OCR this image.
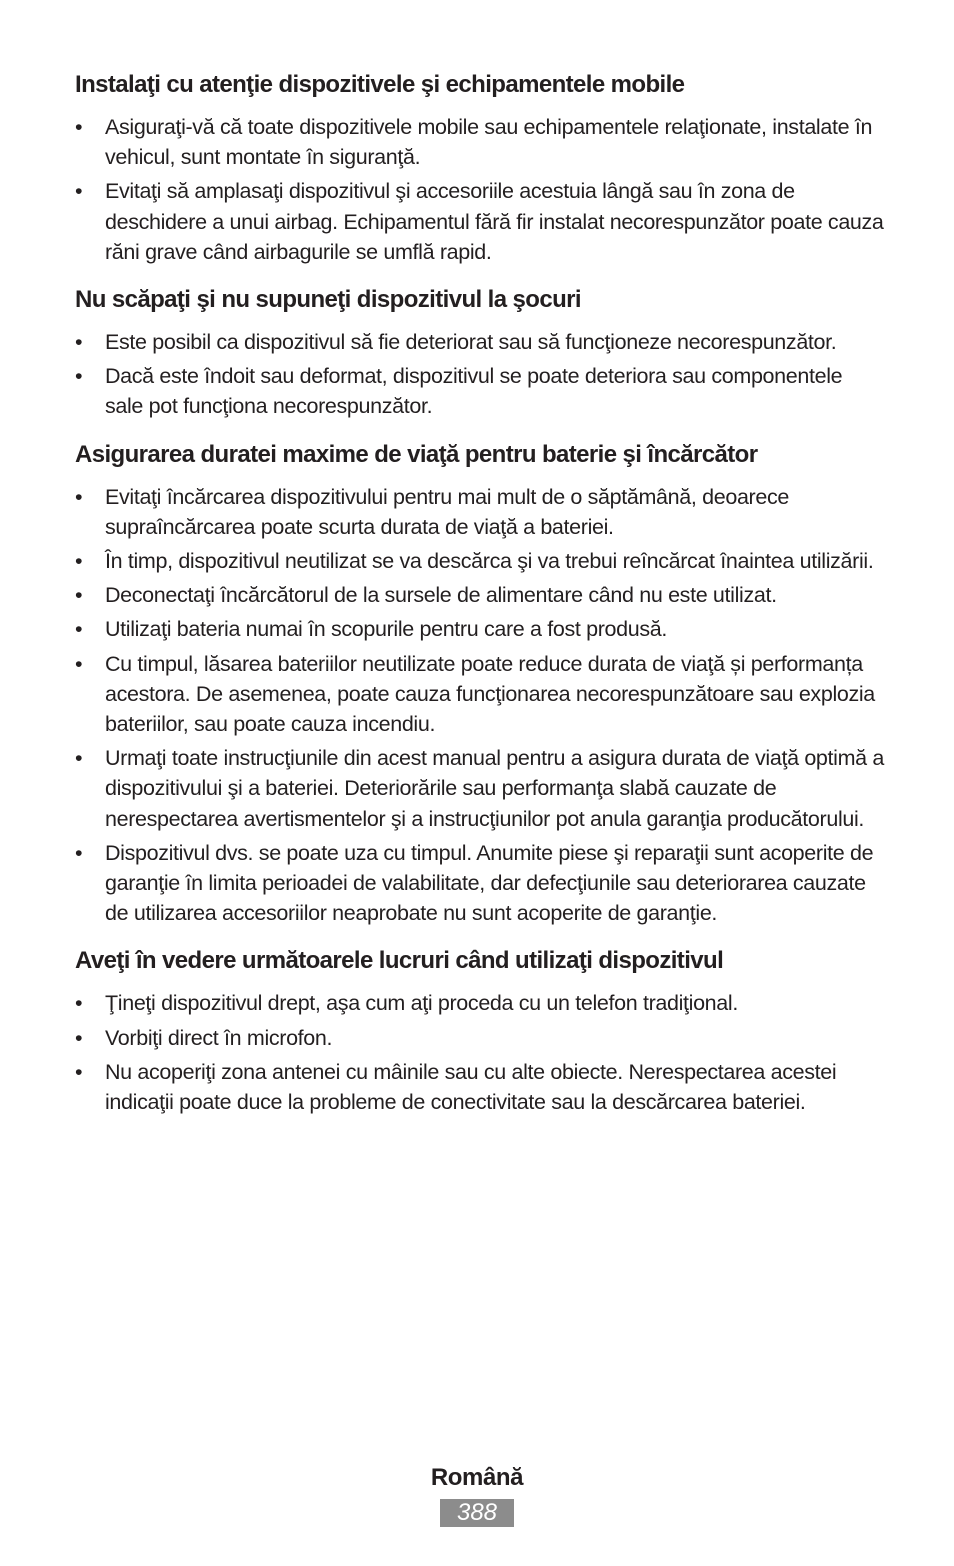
Instalaţi cu atenţie dispozitivele şi echipamentele mobile
•	Asiguraţi-vă că toate dispozitivele mobile sau echipamentele relaţionate, instalate în vehicul, sunt montate în siguranţă.
•	Evitaţi să amplasaţi dispozitivul şi accesoriile acestuia lângă sau în zona de deschidere a unui airbag. Echipamentul fără fir instalat necorespunzător poate cauza răni grave când airbagurile se umflă rapid.
Nu scăpaţi şi nu supuneţi dispozitivul la şocuri
•	Este posibil ca dispozitivul să fie deteriorat sau să funcţioneze necorespunzător.
•	Dacă este îndoit sau deformat, dispozitivul se poate deteriora sau componentele sale pot funcţiona necorespunzător.
Asigurarea duratei maxime de viaţă pentru baterie şi încărcător
•	Evitaţi încărcarea dispozitivului pentru mai mult de o săptămână, deoarece supraîncărcarea poate scurta durata de viaţă a bateriei.
•	În timp, dispozitivul neutilizat se va descărca şi va trebui reîncărcat înaintea utilizării.
•	Deconectaţi încărcătorul de la sursele de alimentare când nu este utilizat.
•	Utilizaţi bateria numai în scopurile pentru care a fost produsă.
•	Cu timpul, lăsarea bateriilor neutilizate poate reduce durata de viaţă și performanța acestora. De asemenea, poate cauza funcţionarea necorespunzătoare sau explozia bateriilor, sau poate cauza incendiu.
•	Urmaţi toate instrucţiunile din acest manual pentru a asigura durata de viaţă optimă a dispozitivului şi a bateriei. Deteriorările sau performanţa slabă cauzate de nerespectarea avertismentelor şi a instrucţiunilor pot anula garanţia producătorului.
•	Dispozitivul dvs. se poate uza cu timpul. Anumite piese şi reparaţii sunt acoperite de garanţie în limita perioadei de valabilitate, dar defecţiunile sau deteriorarea cauzate de utilizarea accesoriilor neaprobate nu sunt acoperite de garanţie.
Aveţi în vedere următoarele lucruri când utilizaţi dispozitivul
•	Ţineţi dispozitivul drept, aşa cum aţi proceda cu un telefon tradiţional.
•	Vorbiţi direct în microfon.
•	Nu acoperiţi zona antenei cu mâinile sau cu alte obiecte. Nerespectarea acestei indicaţii poate duce la probleme de conectivitate sau la descărcarea bateriei.
Română
388
